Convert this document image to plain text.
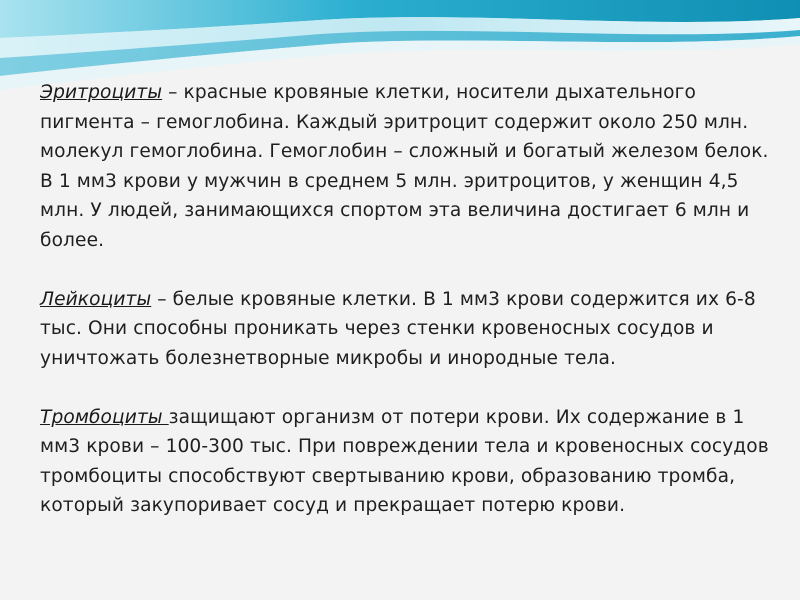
Эритроциты – красные кровяные клетки, носители дыхательного пигмента – гемоглобина. Каждый эритроцит содержит около 250 млн. молекул гемоглобина. Гемоглобин – сложный и богатый железом белок. В 1 мм3 крови у мужчин в среднем 5 млн. эритроцитов, у женщин 4,5 млн. У людей, занимающихся спортом эта величина достигает 6 млн и более.

Лейкоциты – белые кровяные клетки. В 1 мм3 крови содержится их 6-8 тыс. Они способны проникать через стенки кровеносных сосудов и уничтожать болезнетворные микробы и инородные тела.

Тромбоциты защищают организм от потери крови. Их содержание в 1 мм3 крови – 100-300 тыс. При повреждении тела и кровеносных сосудов тромбоциты способствуют свертыванию крови, образованию тромба, который закупоривает сосуд и прекращает потерю крови.
